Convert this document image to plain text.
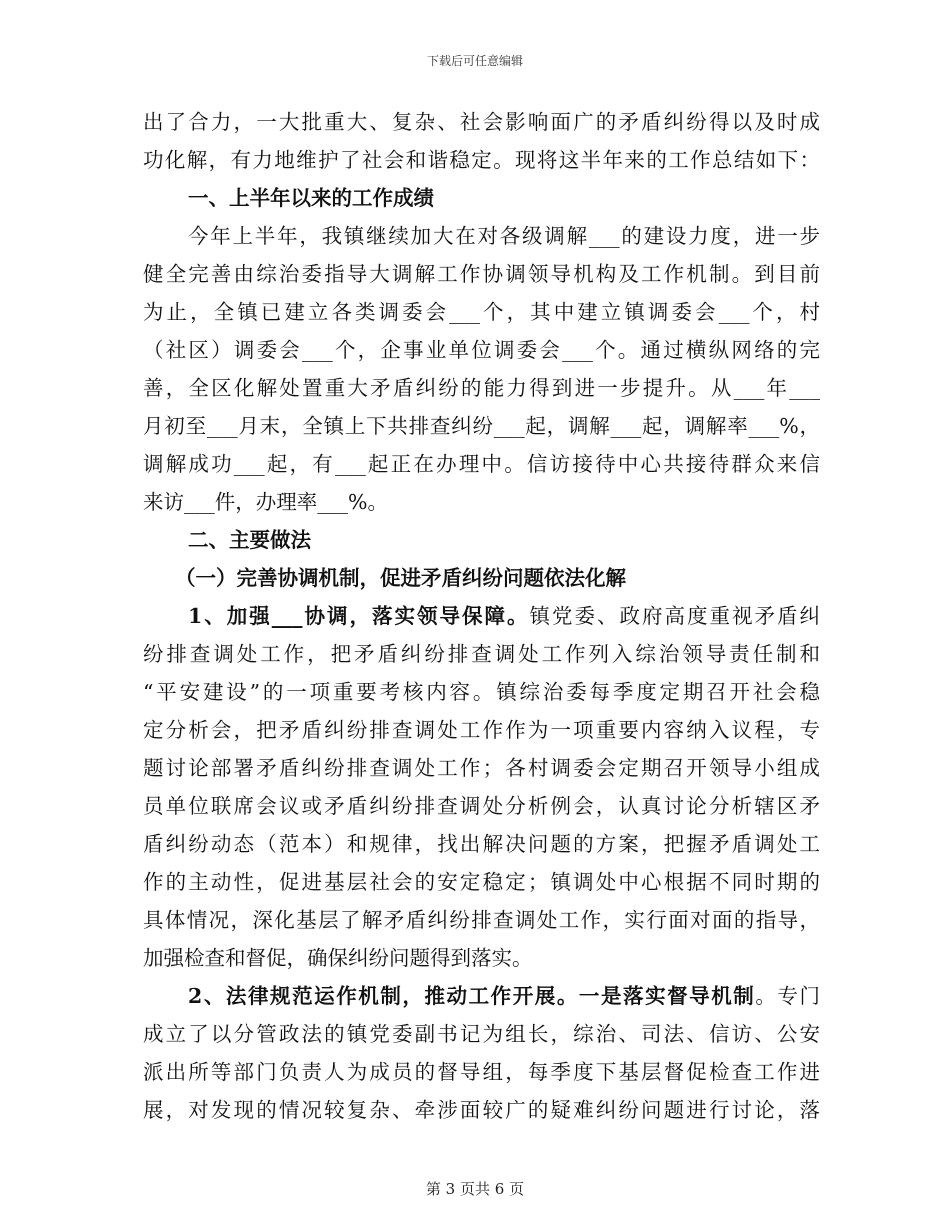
下载后可任意编辑
出了合力，一大批重大、复杂、社会影响面广的矛盾纠纷得以及时成
功化解，有力地维护了社会和谐稳定。现将这半年来的工作总结如下：
一、上半年以来的工作成绩
今年上半年，我镇继续加大在对各级调解___的建设力度，进一步
健全完善由综治委指导大调解工作协调领导机构及工作机制。到目前
为止，全镇已建立各类调委会___个，其中建立镇调委会___个，村
（社区）调委会___个，企事业单位调委会___个。通过横纵网络的完
善，全区化解处置重大矛盾纠纷的能力得到进一步提升。从___年___
月初至___月末，全镇上下共排查纠纷___起，调解___起，调解率___%，
调解成功___起，有___起正在办理中。信访接待中心共接待群众来信
来访___件，办理率___%。
二、主要做法
（一）完善协调机制，促进矛盾纠纷问题依法化解
1、加强___协调，落实领导保障。镇党委、政府高度重视矛盾纠
纷排查调处工作，把矛盾纠纷排查调处工作列入综治领导责任制和
“平安建设”的一项重要考核内容。镇综治委每季度定期召开社会稳
定分析会，把矛盾纠纷排查调处工作作为一项重要内容纳入议程，专
题讨论部署矛盾纠纷排查调处工作；各村调委会定期召开领导小组成
员单位联席会议或矛盾纠纷排查调处分析例会，认真讨论分析辖区矛
盾纠纷动态（范本）和规律，找出解决问题的方案，把握矛盾调处工
作的主动性，促进基层社会的安定稳定；镇调处中心根据不同时期的
具体情况，深化基层了解矛盾纠纷排查调处工作，实行面对面的指导，
加强检查和督促，确保纠纷问题得到落实。
2、法律规范运作机制，推动工作开展。一是落实督导机制。专门
成立了以分管政法的镇党委副书记为组长，综治、司法、信访、公安
派出所等部门负责人为成员的督导组，每季度下基层督促检查工作进
展，对发现的情况较复杂、牵涉面较广的疑难纠纷问题进行讨论，落
第 3 页共 6 页
